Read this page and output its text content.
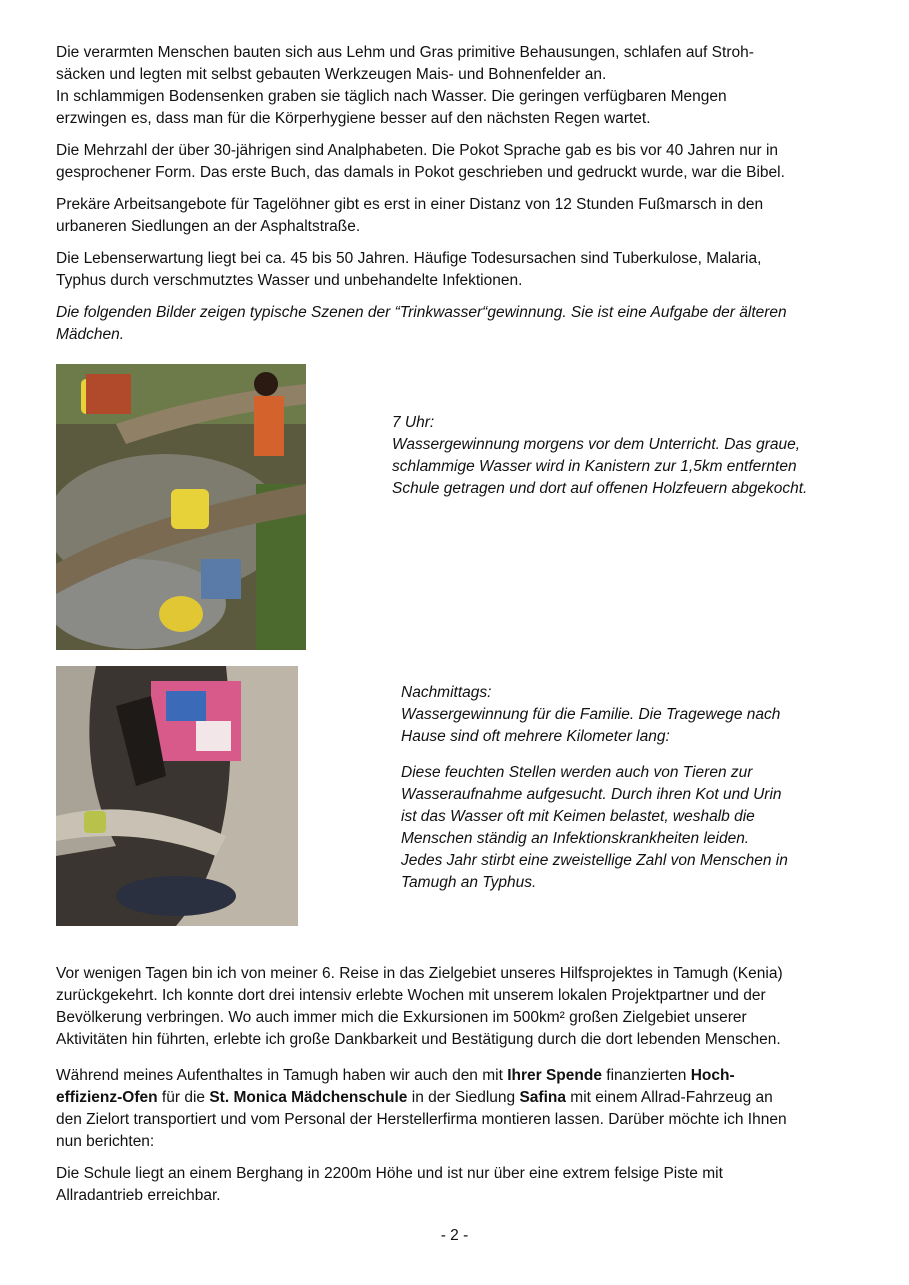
Die verarmten Menschen bauten sich aus Lehm und Gras primitive Behausungen, schlafen auf Stroh-
säcken und legten mit selbst gebauten Werkzeugen Mais- und Bohnenfelder an.
In schlammigen Bodensenken graben sie täglich nach Wasser. Die geringen verfügbaren Mengen
erzwingen es, dass man für die Körperhygiene besser auf den nächsten Regen wartet.

Die Mehrzahl der über 30-jährigen sind Analphabeten. Die Pokot Sprache gab es bis vor 40 Jahren nur in
gesprochener Form. Das erste Buch, das damals in Pokot geschrieben und gedruckt wurde, war die Bibel.

Prekäre Arbeitsangebote für Tagelöhner gibt es erst in einer Distanz von 12 Stunden Fußmarsch in den
urbaneren Siedlungen an der Asphaltstraße.

Die Lebenserwartung liegt bei ca. 45 bis 50 Jahren. Häufige Todesursachen sind Tuberkulose, Malaria,
Typhus durch verschmutztes Wasser und unbehandelte Infektionen.

Die folgenden Bilder zeigen typische Szenen der “Trinkwasser“gewinnung. Sie ist eine Aufgabe der älteren
Mädchen.

7 Uhr:
Wassergewinnung morgens vor dem Unterricht. Das graue,
schlammige Wasser wird in Kanistern zur 1,5km entfernten
Schule getragen und dort auf offenen Holzfeuern abgekocht.
Nachmittags:
Wassergewinnung für die Familie. Die Tragewege nach
Hause sind oft mehrere Kilometer lang:

Diese feuchten Stellen werden auch von Tieren zur
Wasseraufnahme aufgesucht. Durch ihren Kot und Urin
ist das Wasser oft mit Keimen belastet, weshalb die
Menschen ständig an Infektionskrankheiten leiden.
Jedes Jahr stirbt eine zweistellige Zahl von Menschen in
Tamugh an Typhus.

Vor wenigen Tagen bin ich von meiner 6. Reise in das Zielgebiet unseres Hilfsprojektes in Tamugh (Kenia)
zurückgekehrt. Ich konnte dort drei intensiv erlebte Wochen mit unserem lokalen Projektpartner und der
Bevölkerung verbringen. Wo auch immer mich die Exkursionen im 500km² großen Zielgebiet unserer
Aktivitäten hin führten, erlebte ich große Dankbarkeit und Bestätigung durch die dort lebenden Menschen.

Während meines Aufenthaltes in Tamugh haben wir auch den mit Ihrer Spende finanzierten Hoch-
effizienz-Ofen für die St. Monica Mädchenschule in der Siedlung Safina mit einem Allrad-Fahrzeug an
den Zielort transportiert und vom Personal der Herstellerfirma montieren lassen. Darüber möchte ich Ihnen
nun berichten:

Die Schule liegt an einem Berghang in 2200m Höhe und ist nur über eine extrem felsige Piste mit
Allradantrieb erreichbar.

- 2 -
